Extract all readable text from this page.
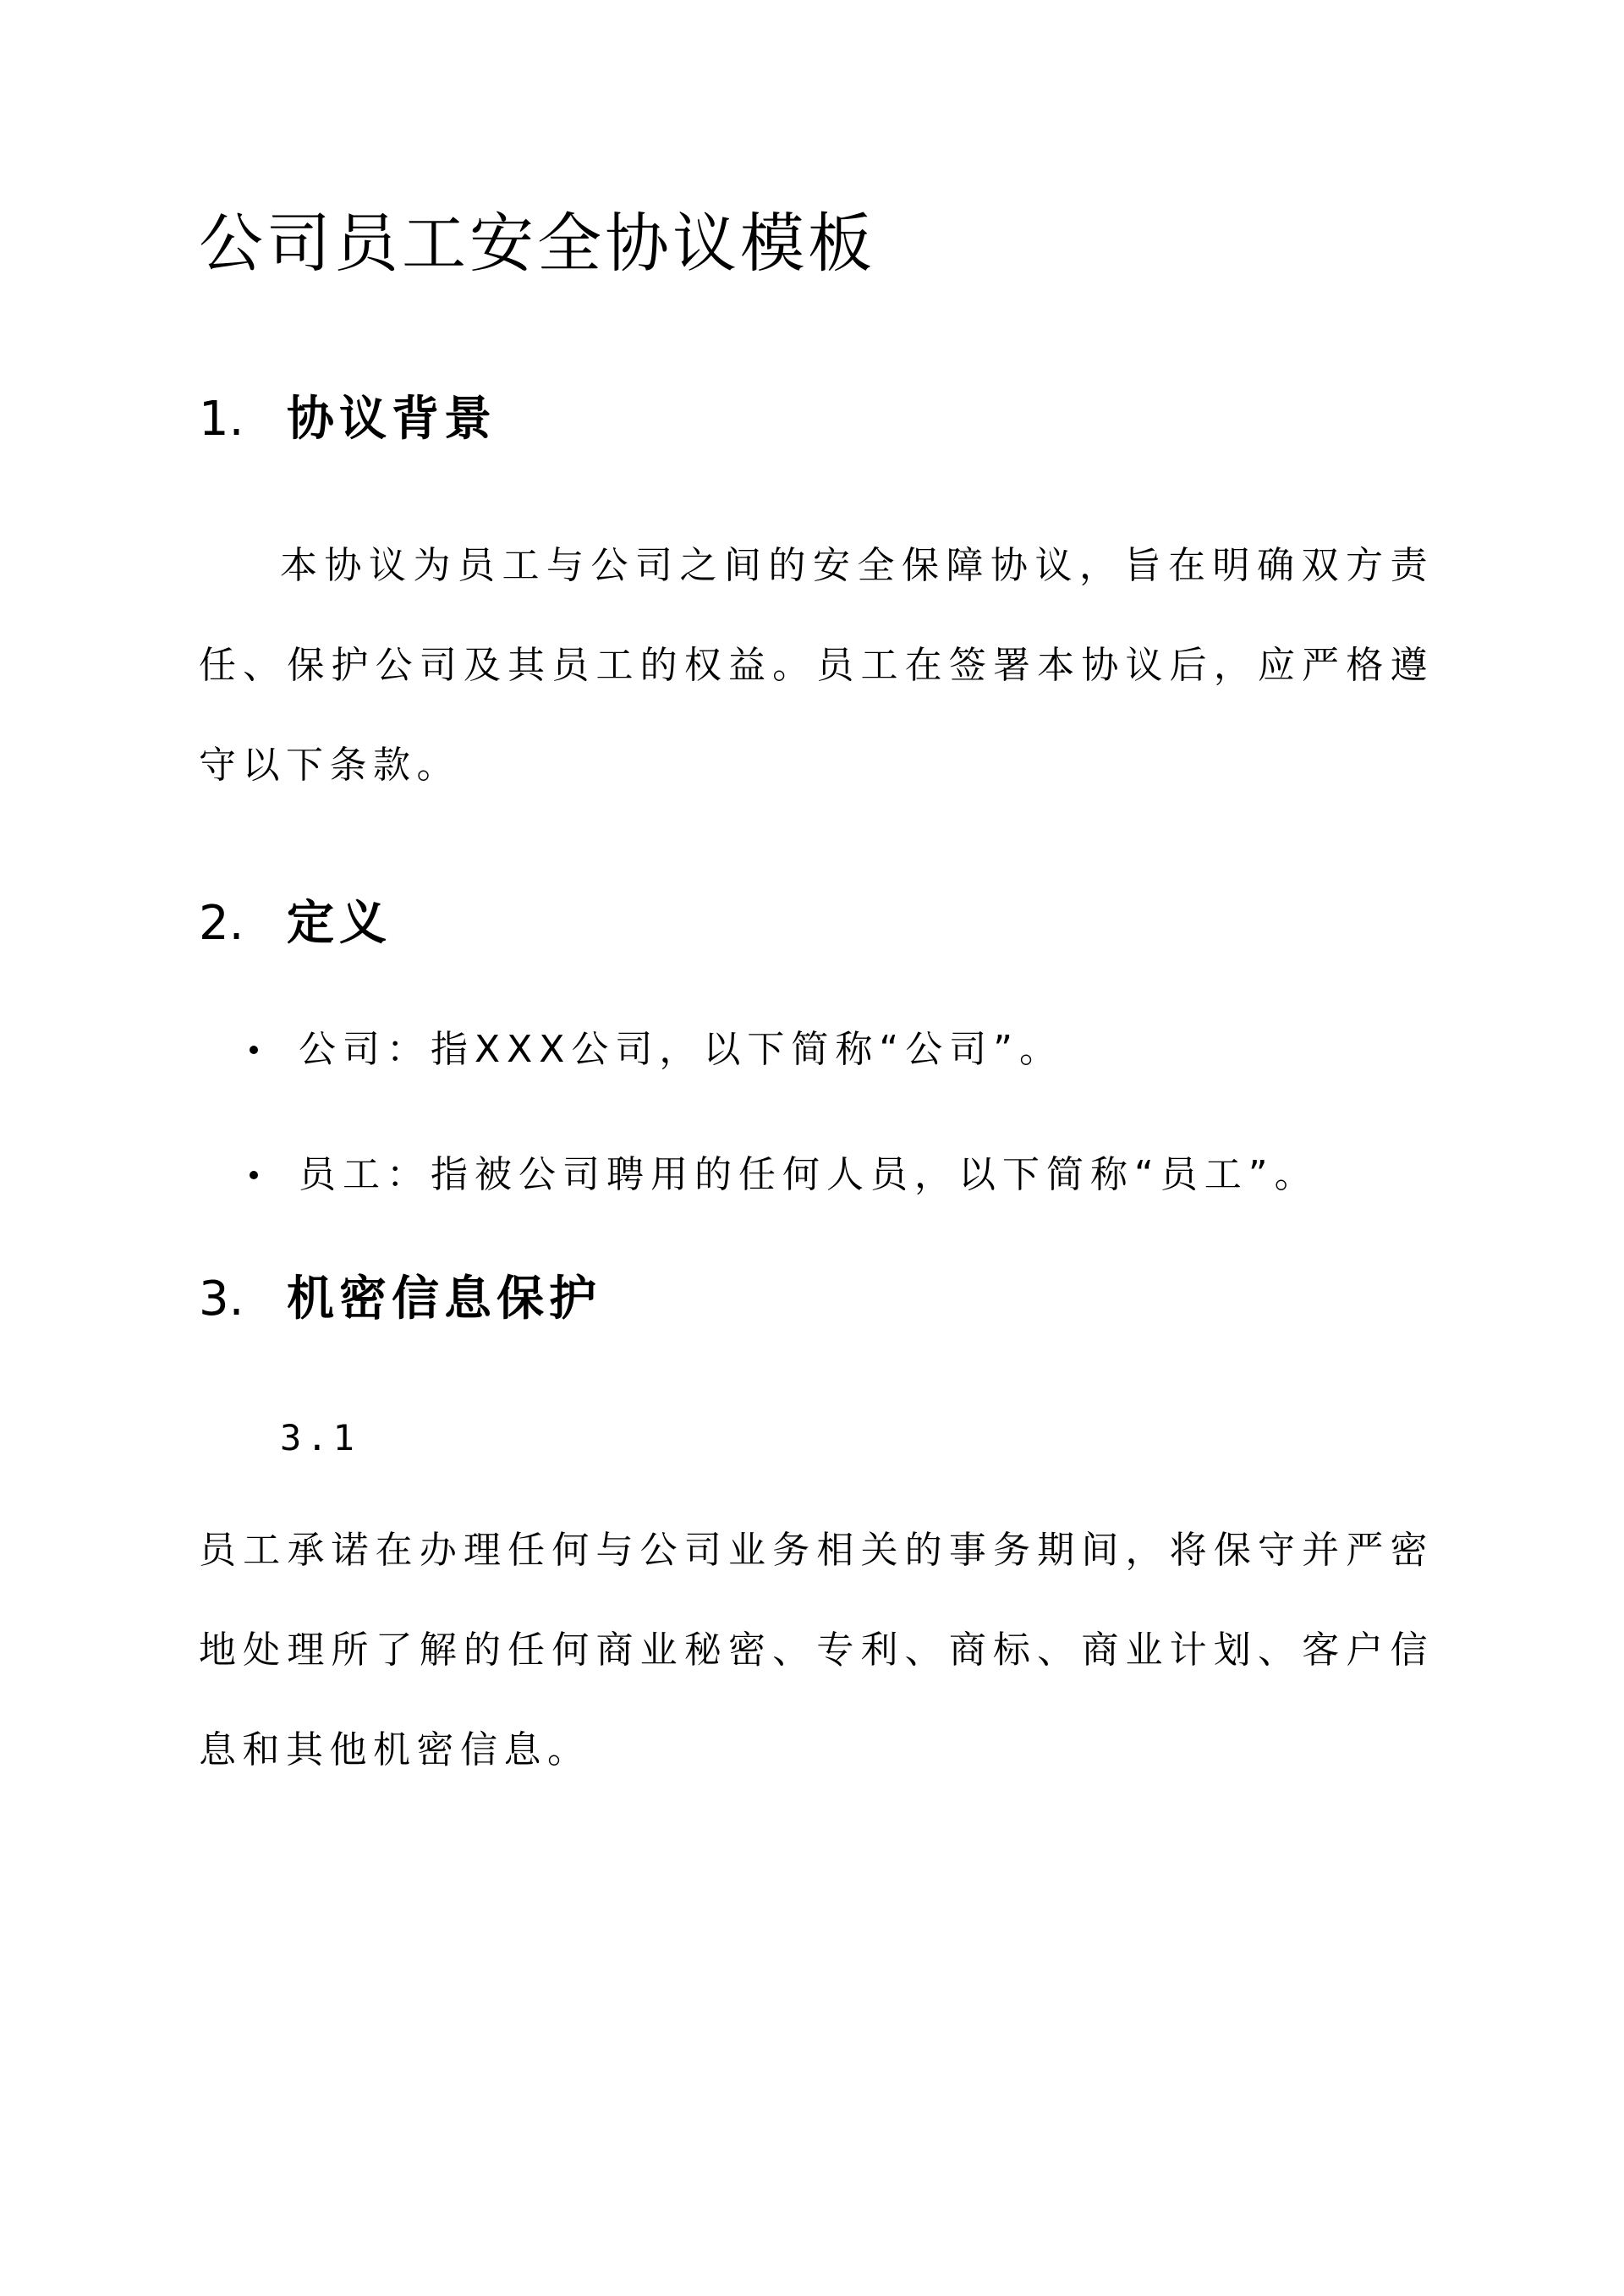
公司员工安全协议模板
1. 协议背景

本协议为员工与公司之间的安全保障协议，旨在明确双方责任、保护公司及其员工的权益。员工在签署本协议后，应严格遵守以下条款。

2. 定义
公司：指XXX公司，以下简称“公司”。
员工：指被公司聘用的任何人员，以下简称“员工”。
3. 机密信息保护
3.1

员工承诺在办理任何与公司业务相关的事务期间，将保守并严密地处理所了解的任何商业秘密、专利、商标、商业计划、客户信息和其他机密信息。
